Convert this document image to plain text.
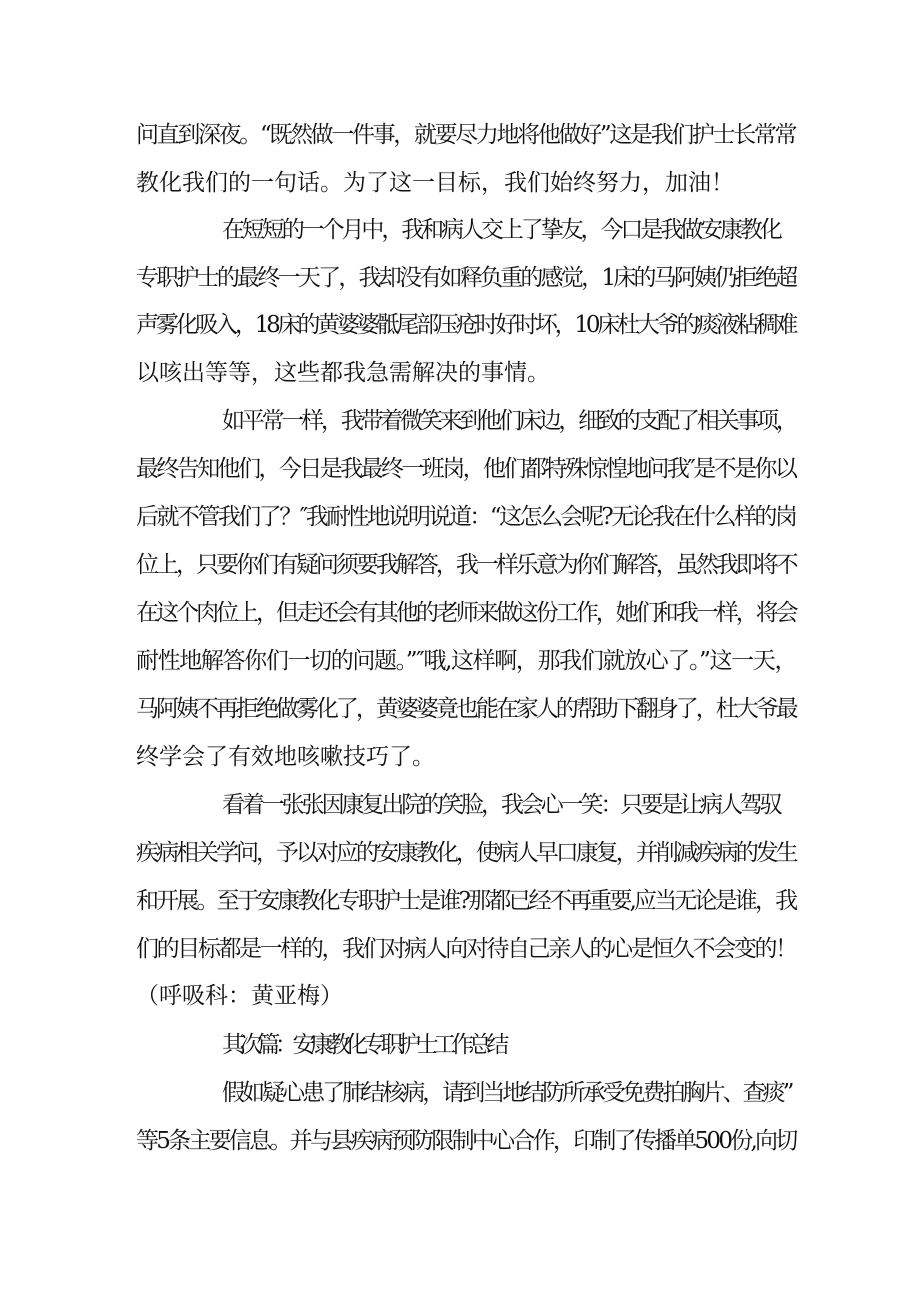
问直到深夜。“既然做一件事，就要尽力地将他做好”这是我们护士长常常
教化我们的一句话。为了这一目标，我们始终努力，加油！
在短短的一个月中，我和病人交上了挚友，今口是我做安康教化
专职护士的最终一天了，我却没有如释负重的感觉，1床的马阿姨仍拒绝超
声雾化吸入，18床的黄婆婆骶尾部压疮时好时坏，10床杜大爷的痰液粘稠难
以咳出等等，这些都我急需解决的事情。
如平常一样，我带着微笑来到他们床边，细致的支配了相关事项，
最终告知他们，今日是我最终一班岗，他们都特殊惊惶地问我″是不是你以
后就不管我们了？″我耐性地说明说道：“这怎么会呢?无论我在什么样的岗
位上，只要你们有疑问须要我解答，我一样乐意为你们解答，虽然我即将不
在这个肉位上，但走还会有其他的老师来做这份工作，她们和我一样，将会
耐性地解答你们一切的问题。”″哦,这样啊，那我们就放心了。”这一天，
马阿姨不再拒绝做雾化了，黄婆婆竟也能在家人的帮助下翻身了，杜大爷最
终学会了有效地咳嗽技巧了。
看着一张张因康复出院的笑脸，我会心一笑：只要是让病人驾驭
疾病相关学问，予以对应的安康教化，使病人早口康复，并削减疾病的发生
和开展。至于安康教化专职护士是谁?那都已经不再重要,应当无论是谁，我
们的目标都是一样的，我们对病人向对待自己亲人的心是恒久不会变的！
（呼吸科：黄亚梅）
其次篇：安康教化专职护士工作总结
假如疑心患了肺结核病，请到当地结防所承受免费拍胸片、查痰”
等5条主要信息。并与县疾病预防限制中心合作，印制了传播单500份,向切
